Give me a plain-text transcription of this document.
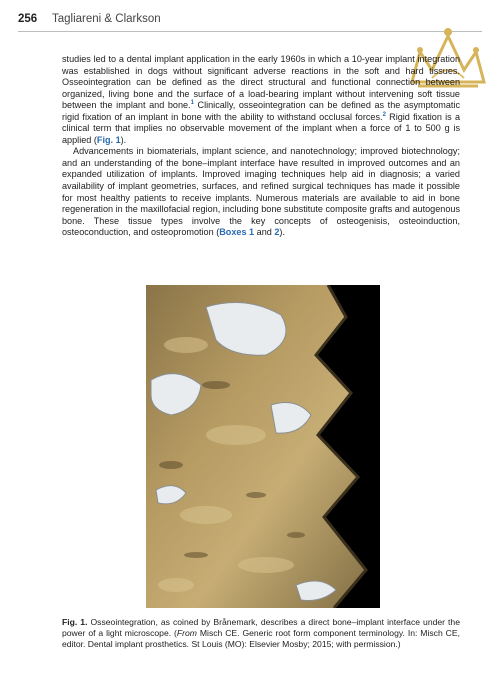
256 Tagliareni & Clarkson

studies led to a dental implant application in the early 1960s in which a 10-year implant integration was established in dogs without significant adverse reactions in the soft and hard tissues. Osseointegration can be defined as the direct structural and functional connection between organized, living bone and the surface of a load-bearing implant without intervening soft tissue between the implant and bone.$^1$ Clinically, osseointegration can be defined as the asymptomatic rigid fixation of an implant in bone with the ability to withstand occlusal forces.$^2$ Rigid fixation is a clinical term that implies no observable movement of the implant when a force of 1 to 500 g is applied (Fig. 1).

Advancements in biomaterials, implant science, and nanotechnology; improved biotechnology; and an understanding of the bone–implant interface have resulted in improved outcomes and an expanded utilization of implants. Improved imaging techniques help aid in diagnosis; a varied availability of implant geometries, surfaces, and refined surgical techniques has made it possible for most healthy patients to receive implants. Numerous materials are available to aid in bone regeneration in the maxillofacial region, including bone substitute composite grafts and autogenous bone. These tissue types involve the key concepts of osteogenisis, osteoinduction, osteoconduction, and osteopromotion (Boxes 1 and 2).

Fig. 1. Osseointegration, as coined by Brånemark, describes a direct bone–implant interface under the power of a light microscope. (From Misch CE. Generic root form component terminology. In: Misch CE, editor. Dental implant prosthetics. St Louis (MO): Elsevier Mosby; 2015; with permission.)
